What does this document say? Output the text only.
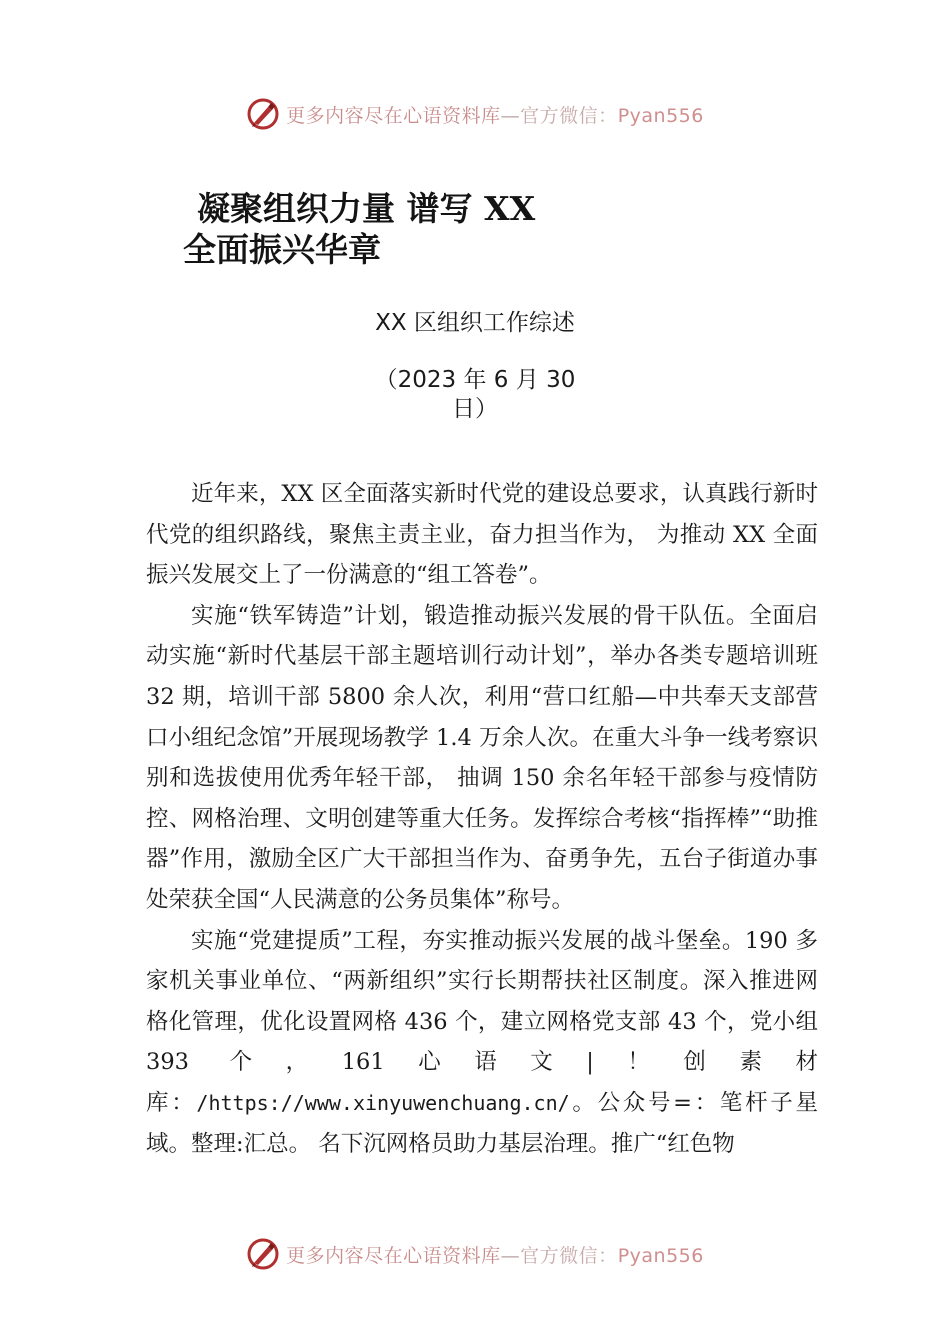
更多内容尽在心语资料库—官方微信：Pyan556
凝聚组织力量 谱写 XX
全面振兴华章
XX 区组织工作综述
（2023 年 6 月 30 日）

近年来，XX 区全面落实新时代党的建设总要求，认真践行新时代党的组织路线，聚焦主责主业，奋力担当作为， 为推动 XX 全面振兴发展交上了一份满意的“组工答卷”。

实施“铁军铸造”计划，锻造推动振兴发展的骨干队伍。全面启动实施“新时代基层干部主题培训行动计划”，举办各类专题培训班 32 期，培训干部 5800 余人次，利用“营口红船—中共奉天支部营口小组纪念馆”开展现场教学 1.4 万余人次。在重大斗争一线考察识别和选拔使用优秀年轻干部， 抽调 150 余名年轻干部参与疫情防控、网格治理、文明创建等重大任务。发挥综合考核“指挥棒”“助推器”作用，激励全区广大干部担当作为、奋勇争先，五台子街道办事处荣获全国“人民满意的公务员集体”称号。

实施“党建提质”工程，夯实推动振兴发展的战斗堡垒。190 多家机关事业单位、“两新组织”实行长期帮扶社区制度。深入推进网格化管理，优化设置网格 436 个，建立网格党支部 43 个，党小组 393 个，161心语文|！创素材库：/https://www.xinyuwenchuang.cn/。公众号=：笔杆子星域。整理:汇总。 名下沉网格员助力基层治理。推广“红色物

更多内容尽在心语资料库—官方微信：Pyan556
